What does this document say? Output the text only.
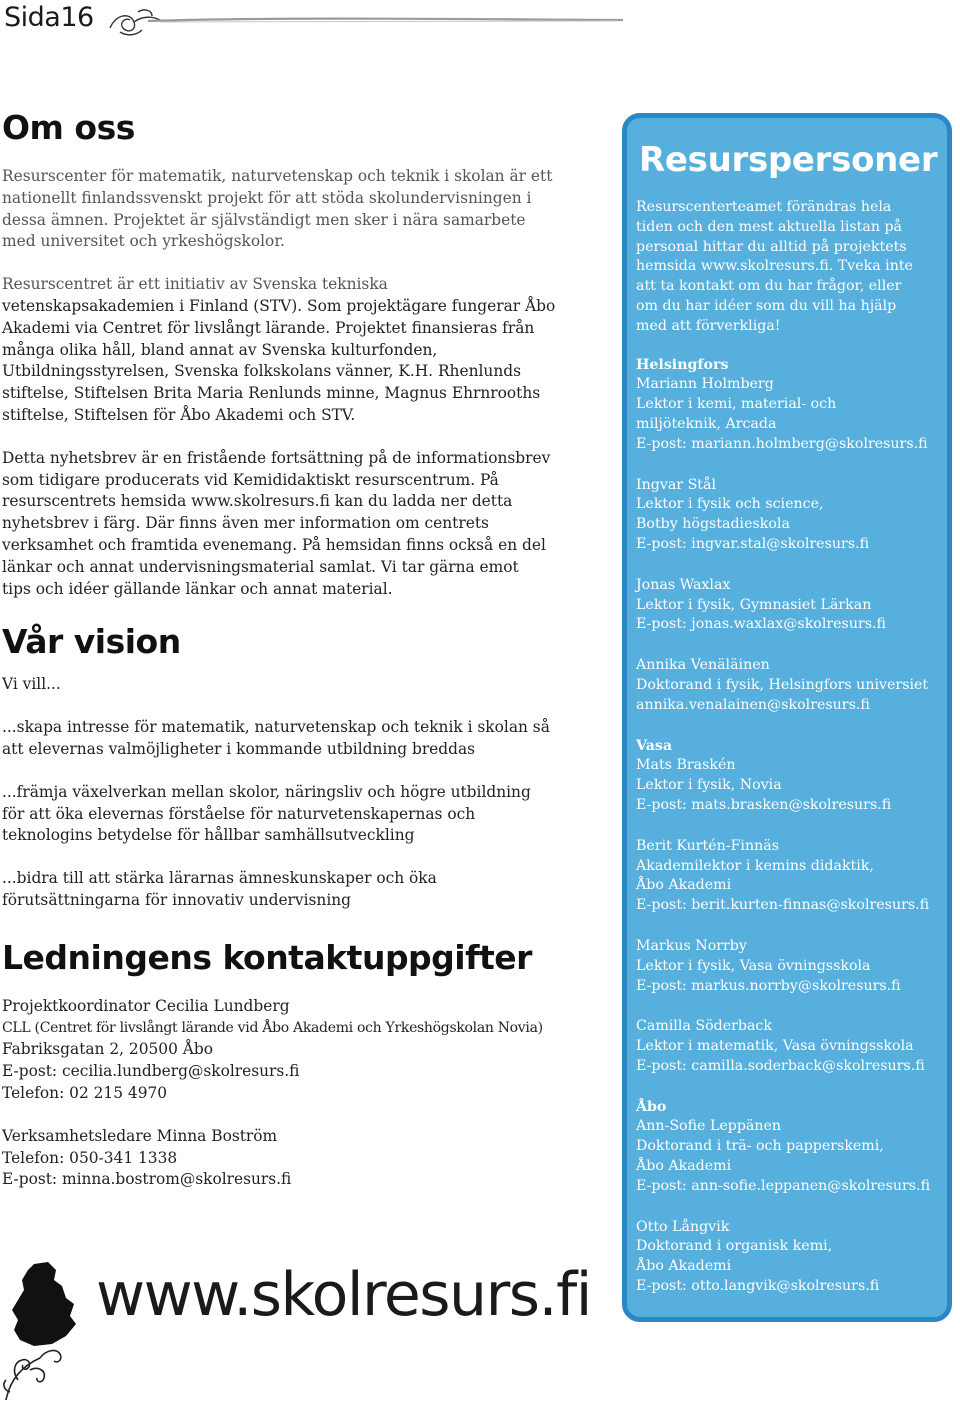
Sida16
Om oss

Resurscenter för matematik, naturvetenskap och teknik i skolan är ett
nationellt finlandssvenskt projekt för att stöda skolundervisningen i
dessa ämnen. Projektet är självständigt men sker i nära samarbete
med universitet och yrkeshögskolor.

Resurscentret är ett initiativ av Svenska tekniska
vetenskapsakademien i Finland (STV). Som projektägare fungerar Åbo
Akademi via Centret för livslångt lärande. Projektet finansieras från
många olika håll, bland annat av Svenska kulturfonden,
Utbildningsstyrelsen, Svenska folkskolans vänner, K.H. Rhenlunds
stiftelse, Stiftelsen Brita Maria Renlunds minne, Magnus Ehrnrooths
stiftelse, Stiftelsen för Åbo Akademi och STV.

Detta nyhetsbrev är en fristående fortsättning på de informationsbrev
som tidigare producerats vid Kemididaktiskt resurscentrum. På
resurscentrets hemsida www.skolresurs.fi kan du ladda ner detta
nyhetsbrev i färg. Där finns även mer information om centrets
verksamhet och framtida evenemang. På hemsidan finns också en del
länkar och annat undervisningsmaterial samlat. Vi tar gärna emot
tips och idéer gällande länkar och annat material.

Vår vision

Vi vill...

...skapa intresse för matematik, naturvetenskap och teknik i skolan så
att elevernas valmöjligheter i kommande utbildning breddas

...främja växelverkan mellan skolor, näringsliv och högre utbildning
för att öka elevernas förståelse för naturvetenskapernas och
teknologins betydelse för hållbar samhällsutveckling

...bidra till att stärka lärarnas ämneskunskaper och öka
förutsättningarna för innovativ undervisning

Ledningens kontaktuppgifter

Projektkoordinator Cecilia Lundberg
CLL (Centret för livslångt lärande vid Åbo Akademi och Yrkeshögskolan Novia)
Fabriksgatan 2, 20500 Åbo
E-post: cecilia.lundberg@skolresurs.fi
Telefon: 02 215 4970

Verksamhetsledare Minna Boström
Telefon: 050-341 1338
E-post: minna.bostrom@skolresurs.fi

www.skolresurs.fi
Resurspersoner

Resurscenterteamet förändras hela
tiden och den mest aktuella listan på
personal hittar du alltid på projektets
hemsida www.skolresurs.fi. Tveka inte
att ta kontakt om du har frågor, eller
om du har idéer som du vill ha hjälp
med att förverkliga!

Helsingfors
Mariann Holmberg
Lektor i kemi, material- och
miljöteknik, Arcada
E-post: mariann.holmberg@skolresurs.fi

Ingvar Stål
Lektor i fysik och science,
Botby högstadieskola
E-post: ingvar.stal@skolresurs.fi

Jonas Waxlax
Lektor i fysik, Gymnasiet Lärkan
E-post: jonas.waxlax@skolresurs.fi

Annika Venäläinen
Doktorand i fysik, Helsingfors universiet
annika.venalainen@skolresurs.fi

Vasa
Mats Braskén
Lektor i fysik, Novia
E-post: mats.brasken@skolresurs.fi

Berit Kurtén-Finnäs
Akademilektor i kemins didaktik,
Åbo Akademi
E-post: berit.kurten-finnas@skolresurs.fi

Markus Norrby
Lektor i fysik, Vasa övningsskola
E-post: markus.norrby@skolresurs.fi

Camilla Söderback
Lektor i matematik, Vasa övningsskola
E-post: camilla.soderback@skolresurs.fi

Åbo
Ann-Sofie Leppänen
Doktorand i trä- och papperskemi,
Åbo Akademi
E-post: ann-sofie.leppanen@skolresurs.fi

Otto Långvik
Doktorand i organisk kemi,
Åbo Akademi
E-post: otto.langvik@skolresurs.fi
